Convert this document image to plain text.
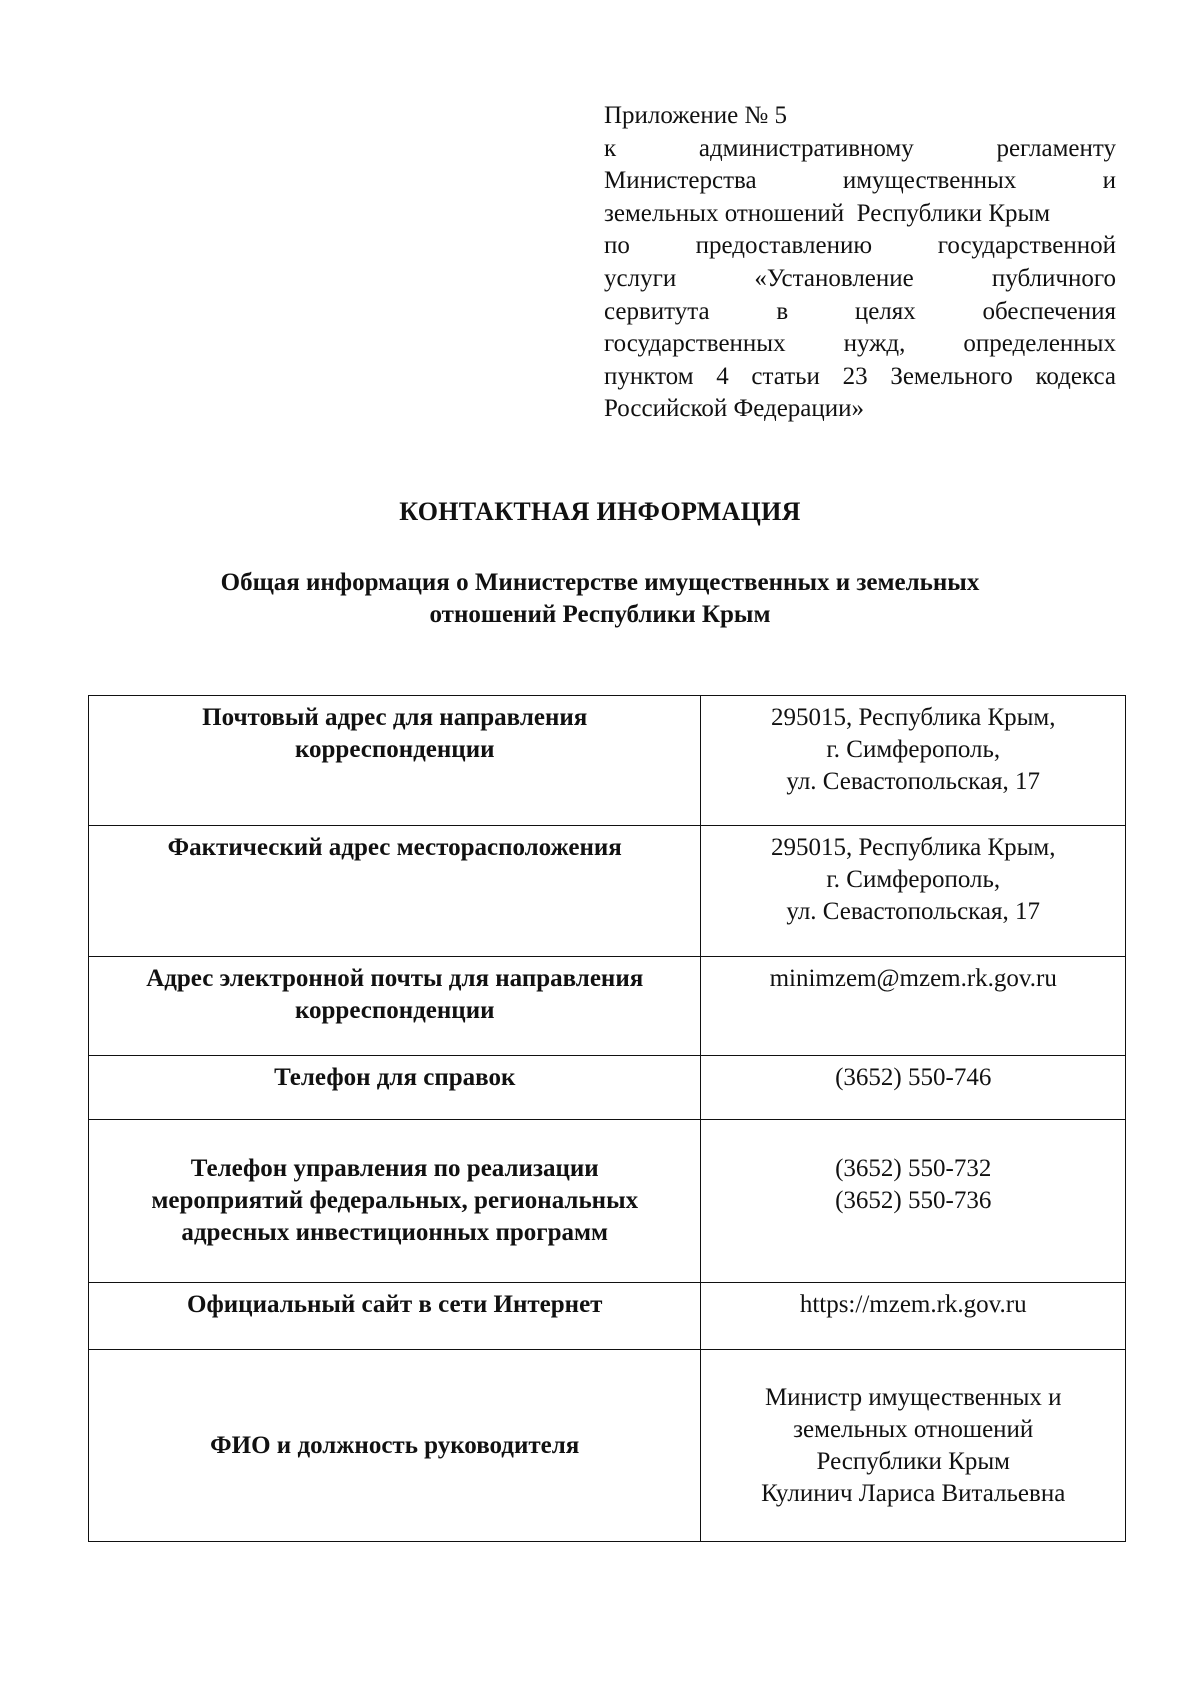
Приложение № 5
к	административному	регламенту
Министерства	имущественных	и
земельных отношений  Республики Крым
по	предоставлению	государственной
услуги	«Установление	публичного
сервитута	в	целях	обеспечения
государственных нужд, определенных
пунктом 4 статьи 23 Земельного кодекса
Российской Федерации»
КОНТАКТНАЯ ИНФОРМАЦИЯ
Общая информация о Министерстве имущественных и земельных
отношений Республики Крым
Почтовый адрес для направления
корреспонденции	295015, Республика Крым,
г. Симферополь,
ул. Севастопольская, 17

Фактический адрес месторасположения	295015, Республика Крым,
г. Симферополь,
ул. Севастопольская, 17

Адрес электронной почты для направления
корреспонденции	minimzem@mzem.rk.gov.ru

Телефон для справок	(3652) 550-746

Телефон управления по реализации
мероприятий федеральных, региональных
адресных инвестиционных программ	(3652) 550-732
(3652) 550-736

Официальный сайт в сети Интернет	https://mzem.rk.gov.ru

ФИО и должность руководителя	Министр имущественных и
земельных отношений
Республики Крым
Кулинич Лариса Витальевна
